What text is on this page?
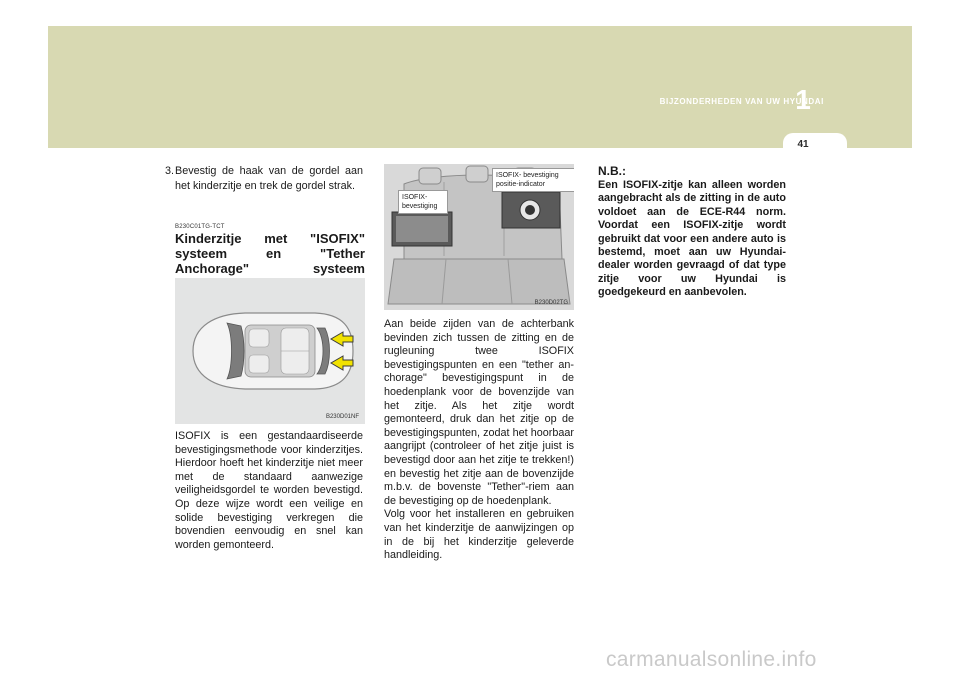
BIJZONDERHEDEN VAN UW HYUNDAI
1
41
3. Bevestig de haak van de gordel aan het kinderzitje en trek de gordel strak.
B230C01TG-TCT
Kinderzitje met "ISOFIX" systeem en "Tether Anchorage" systeem
B230D01NF
ISOFIX is een gestandaardiseerde bevestigingsmethode voor kinderzitjes. Hierdoor hoeft het kinderzitje niet meer met de standaard aanwezige veiligheidsgordel te worden bevestigd. Op deze wijze wordt een veilige en solide bevestiging verkregen die bovendien eenvoudig en snel kan worden gemonteerd.
ISOFIX-
bevestiging
ISOFIX- bevestiging
positie-indicator
B230D02TG

Aan beide zijden van de achterbank bevinden zich tussen de zitting en de rugleuning twee ISOFIX bevestigingspunten en een "tether an-chorage" bevestigingspunt in de hoedenplank voor de bovenzijde van het zitje. Als het zitje wordt gemonteerd, druk dan het zitje op de bevestigingspunten, zodat het hoorbaar aangrijpt (controleer of het zitje juist is bevestigd door aan het zitje te trekken!) en bevestig het zitje aan de bovenzijde m.b.v. de bovenste "Tether"-riem aan de bevestiging op de hoedenplank.

Volg voor het installeren en gebruiken van het kinderzitje de aanwijzingen op in de bij het kinderzitje geleverde handleiding.

N.B.:
Een ISOFIX-zitje kan alleen worden aangebracht als de zitting in de auto voldoet aan de ECE-R44 norm. Voordat een ISOFIX-zitje wordt gebruikt dat voor een andere auto is bestemd, moet aan uw Hyundai-dealer worden gevraagd of dat type zitje voor uw Hyundai is goedgekeurd en aanbevolen.
carmanualsonline.info
